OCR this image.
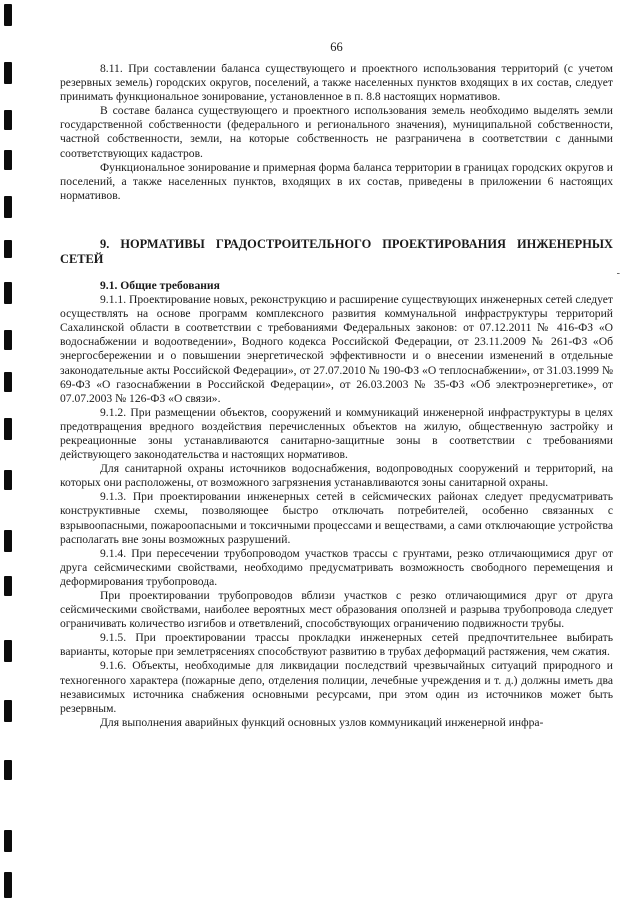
66

8.11. При составлении баланса существующего и проектного использования территорий (с учетом резервных земель) городских округов, поселений, а также населенных пунктов входящих в их состав, следует принимать функциональное зонирование, установленное в п. 8.8 настоящих нормативов.

В составе баланса существующего и проектного использования земель необходимо выделять земли государственной собственности (федерального и регионального значения), муниципальной собственности, частной собственности, земли, на которые собственность не разграничена в соответствии с данными соответствующих кадастров.

Функциональное зонирование и примерная форма баланса территории в границах городских округов и поселений, а также населенных пунктов, входящих в их состав, приведены в приложении 6 настоящих нормативов.

9. НОРМАТИВЫ ГРАДОСТРОИТЕЛЬНОГО ПРОЕКТИРОВАНИЯ ИНЖЕНЕРНЫХ СЕТЕЙ

9.1. Общие требования

9.1.1. Проектирование новых, реконструкцию и расширение существующих инженерных сетей следует осуществлять на основе программ комплексного развития коммунальной инфраструктуры территорий Сахалинской области в соответствии с требованиями Федеральных законов: от 07.12.2011 № 416-ФЗ «О водоснабжении и водоотведении», Водного кодекса Российской Федерации, от 23.11.2009 № 261-ФЗ «Об энергосбережении и о повышении энергетической эффективности и о внесении изменений в отдельные законодательные акты Российской Федерации», от 27.07.2010 № 190-ФЗ «О теплоснабжении», от 31.03.1999 № 69-ФЗ «О газоснабжении в Российской Федерации», от 26.03.2003 № 35-ФЗ «Об электроэнергетике», от 07.07.2003 № 126-ФЗ «О связи».

9.1.2. При размещении объектов, сооружений и коммуникаций инженерной инфраструктуры в целях предотвращения вредного воздействия перечисленных объектов на жилую, общественную застройку и рекреационные зоны устанавливаются санитарно-защитные зоны в соответствии с требованиями действующего законодательства и настоящих нормативов.

Для санитарной охраны источников водоснабжения, водопроводных сооружений и территорий, на которых они расположены, от возможного загрязнения устанавливаются зоны санитарной охраны.

9.1.3. При проектировании инженерных сетей в сейсмических районах следует предусматривать конструктивные схемы, позволяющее быстро отключать потребителей, особенно связанных с взрывоопасными, пожароопасными и токсичными процессами и веществами, а сами отключающие устройства располагать вне зоны возможных разрушений.

9.1.4. При пересечении трубопроводом участков трассы с грунтами, резко отличающимися друг от друга сейсмическими свойствами, необходимо предусматривать возможность свободного перемещения и деформирования трубопровода.

При проектировании трубопроводов вблизи участков с резко отличающимися друг от друга сейсмическими свойствами, наиболее вероятных мест образования оползней и разрыва трубопровода следует ограничивать количество изгибов и ответвлений, способствующих ограничению подвижности трубы.

9.1.5. При проектировании трассы прокладки инженерных сетей предпочтительнее выбирать варианты, которые при землетрясениях способствуют развитию в трубах деформаций растяжения, чем сжатия.

9.1.6. Объекты, необходимые для ликвидации последствий чрезвычайных ситуаций природного и техногенного характера (пожарные депо, отделения полиции, лечебные учреждения и т. д.) должны иметь два независимых источника снабжения основными ресурсами, при этом один из источников может быть резервным.

Для выполнения аварийных функций основных узлов коммуникаций инженерной инфра-

-
